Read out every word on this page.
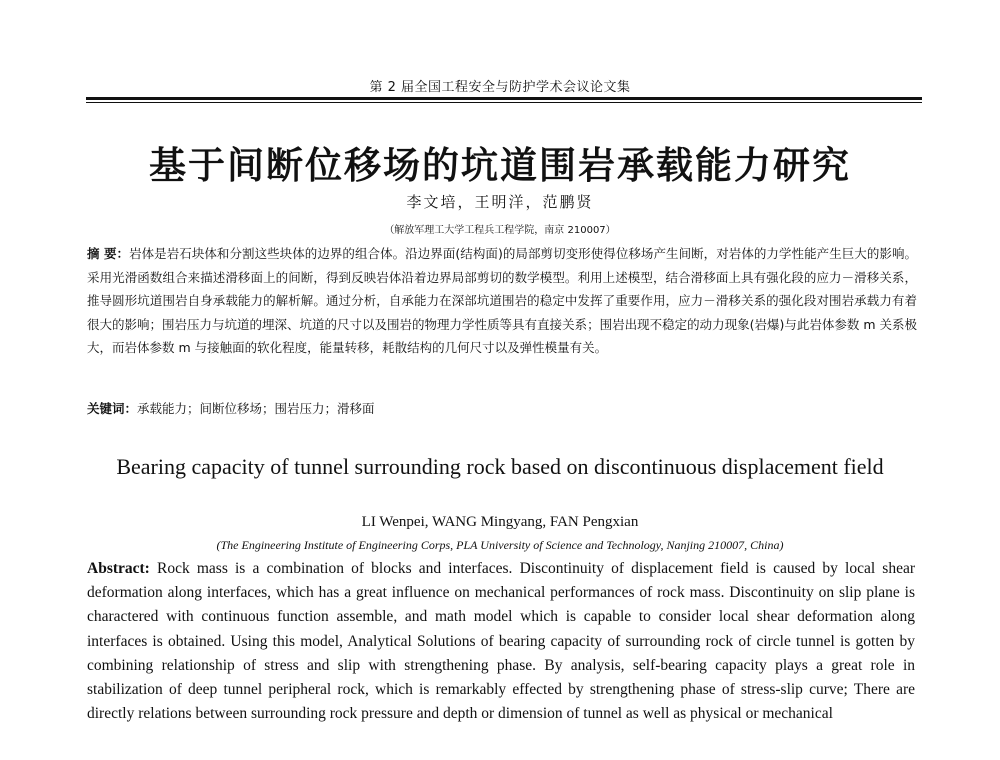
第 2 届全国工程安全与防护学术会议论文集
基于间断位移场的坑道围岩承载能力研究
李文培，王明洋，范鹏贤
（解放军理工大学工程兵工程学院，南京 210007）
摘 要：岩体是岩石块体和分割这些块体的边界的组合体。沿边界面(结构面)的局部剪切变形使得位移场产生间断，对岩体的力学性能产生巨大的影响。采用光滑函数组合来描述滑移面上的间断，得到反映岩体沿着边界局部剪切的数学模型。利用上述模型，结合滑移面上具有强化段的应力－滑移关系，推导圆形坑道围岩自身承载能力的解析解。通过分析，自承能力在深部坑道围岩的稳定中发挥了重要作用，应力－滑移关系的强化段对围岩承载力有着很大的影响；围岩压力与坑道的埋深、坑道的尺寸以及围岩的物理力学性质等具有直接关系；围岩出现不稳定的动力现象(岩爆)与此岩体参数 m 关系极大，而岩体参数 m 与接触面的软化程度，能量转移，耗散结构的几何尺寸以及弹性模量有关。
关键词：承载能力；间断位移场；围岩压力；滑移面
Bearing capacity of tunnel surrounding rock based on discontinuous displacement field
LI Wenpei, WANG Mingyang, FAN Pengxian
(The Engineering Institute of Engineering Corps, PLA University of Science and Technology, Nanjing 210007, China)
Abstract: Rock mass is a combination of blocks and interfaces. Discontinuity of displacement field is caused by local shear deformation along interfaces, which has a great influence on mechanical performances of rock mass. Discontinuity on slip plane is charactered with continuous function assemble, and math model which is capable to consider local shear deformation along interfaces is obtained. Using this model, Analytical Solutions of bearing capacity of surrounding rock of circle tunnel is gotten by combining relationship of stress and slip with strengthening phase. By analysis, self-bearing capacity plays a great role in stabilization of deep tunnel peripheral rock, which is remarkably effected by strengthening phase of stress-slip curve; There are directly relations between surrounding rock pressure and depth or dimension of tunnel as well as physical or mechanical
